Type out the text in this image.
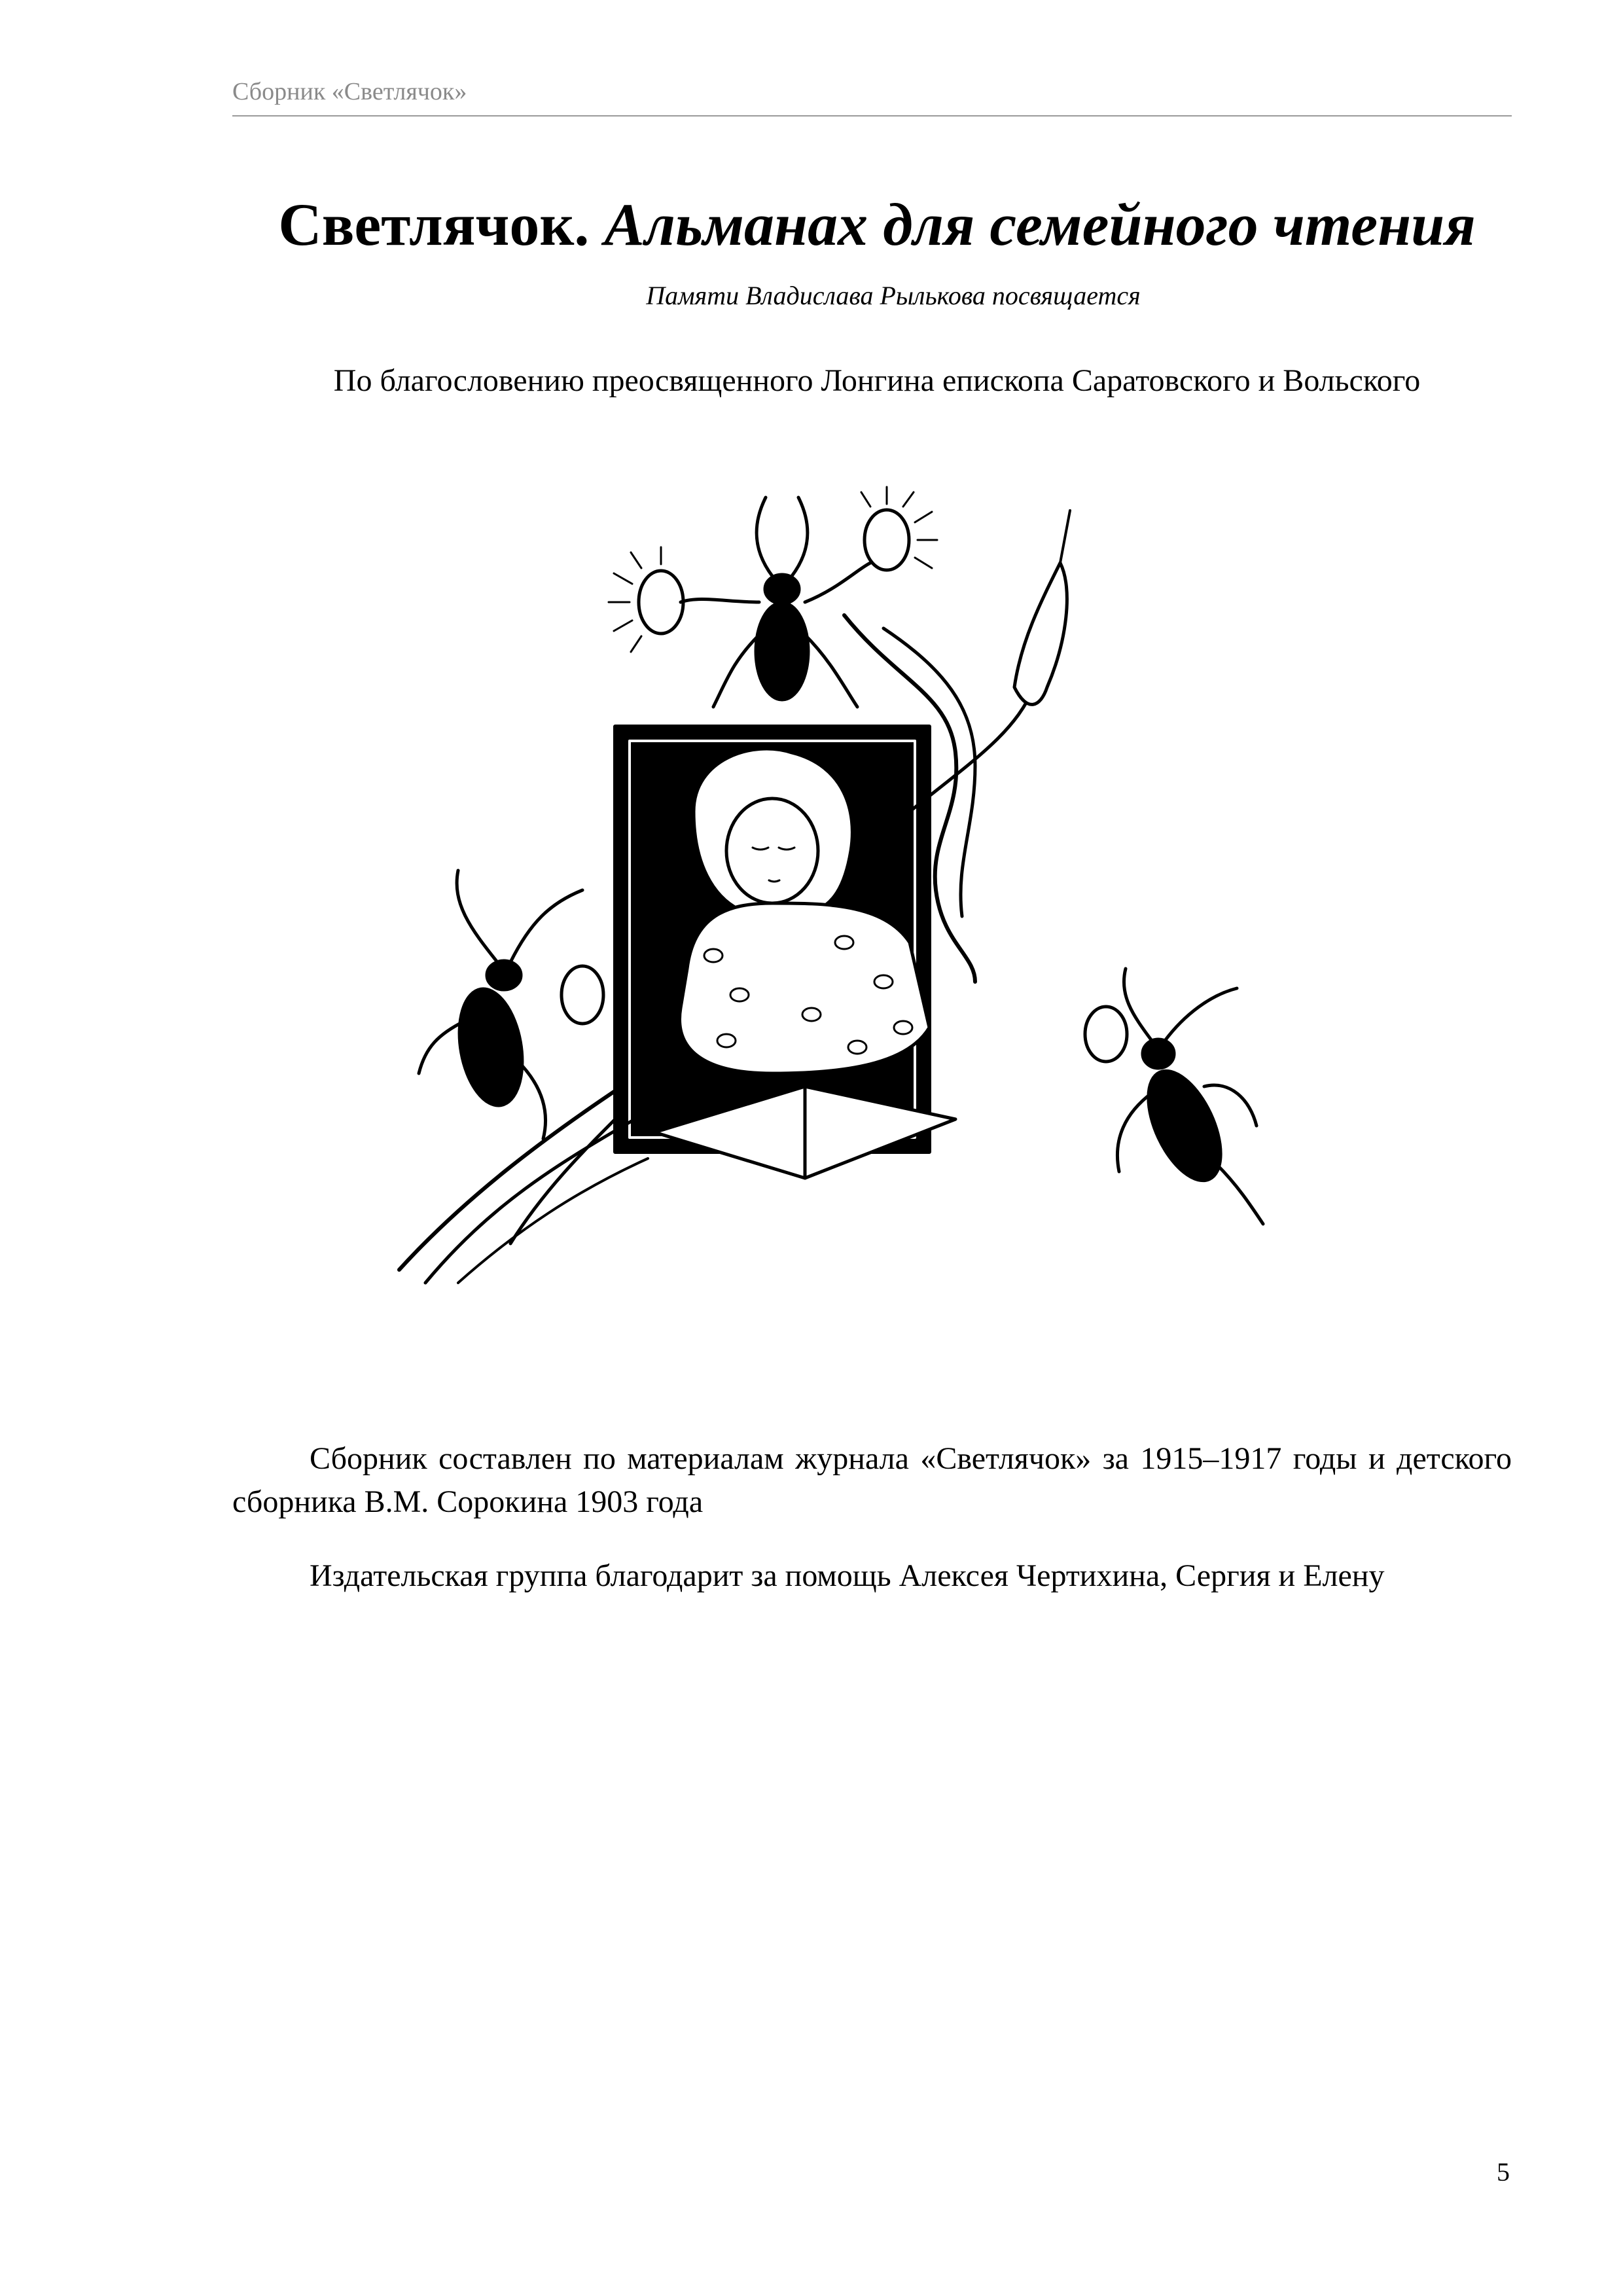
Сборник «Светлячок»
Светлячок. Альманах для семейного чтения
Памяти Владислава Рылькова посвящается
По благословению преосвященного Лонгина епископа Саратовского и Вольского
Сборник составлен по материалам журнала «Светлячок» за 1915–1917 годы и детского сборника В.М. Сорокина 1903 года
Издательская группа благодарит за помощь Алексея Чертихина, Сергия и Елену
5
